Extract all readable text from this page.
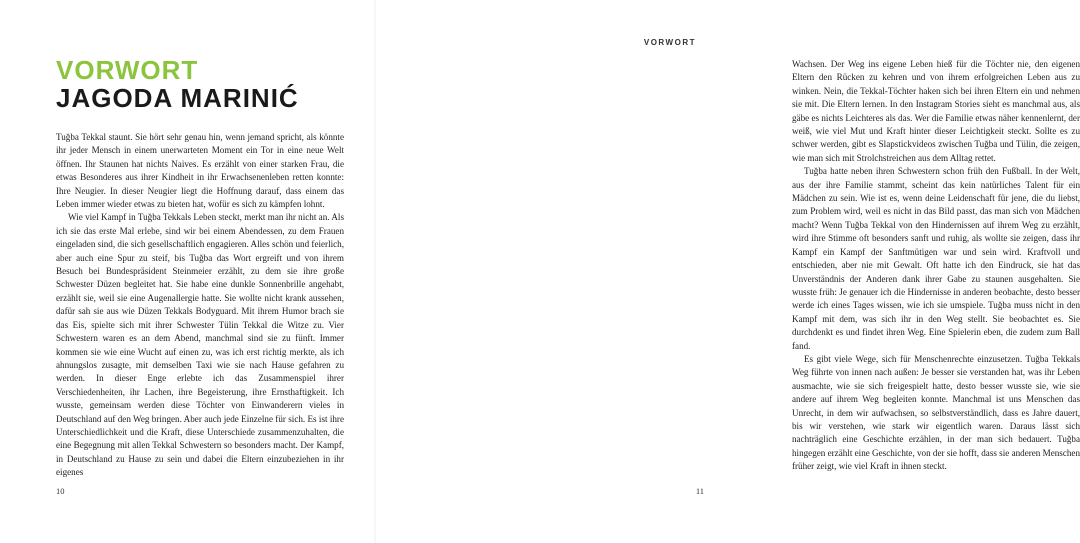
VORWORT
JAGODA MARINIĆ

Tuğba Tekkal staunt. Sie hört sehr genau hin, wenn jemand spricht, als könnte ihr jeder Mensch in einem unerwarteten Moment ein Tor in eine neue Welt öffnen. Ihr Staunen hat nichts Naives. Es erzählt von einer starken Frau, die etwas Besonderes aus ihrer Kindheit in ihr Erwachsenenleben retten konnte: Ihre Neugier. In dieser Neugier liegt die Hoffnung darauf, dass einem das Leben immer wieder etwas zu bieten hat, wofür es sich zu kämpfen lohnt.

Wie viel Kampf in Tuğba Tekkals Leben steckt, merkt man ihr nicht an. Als ich sie das erste Mal erlebe, sind wir bei einem Abendessen, zu dem Frauen eingeladen sind, die sich gesellschaftlich engagieren. Alles schön und feierlich, aber auch eine Spur zu steif, bis Tuğba das Wort ergreift und von ihrem Besuch bei Bundespräsident Steinmeier erzählt, zu dem sie ihre große Schwester Düzen begleitet hat. Sie habe eine dunkle Sonnenbrille angehabt, erzählt sie, weil sie eine Augenallergie hatte. Sie wollte nicht krank aussehen, dafür sah sie aus wie Düzen Tekkals Bodyguard. Mit ihrem Humor brach sie das Eis, spielte sich mit ihrer Schwester Tülin Tekkal die Witze zu. Vier Schwestern waren es an dem Abend, manchmal sind sie zu fünft. Immer kommen sie wie eine Wucht auf einen zu, was ich erst richtig merkte, als ich ahnungslos zusagte, mit demselben Taxi wie sie nach Hause gefahren zu werden. In dieser Enge erlebte ich das Zusammenspiel ihrer Verschiedenheiten, ihr Lachen, ihre Begeisterung, ihre Ernsthaftigkeit. Ich wusste, gemeinsam werden diese Töchter von Einwanderern vieles in Deutschland auf den Weg bringen. Aber auch jede Einzelne für sich. Es ist ihre Unterschiedlichkeit und die Kraft, diese Unterschiede zusammenzuhalten, die eine Begegnung mit allen Tekkal Schwestern so besonders macht. Der Kampf, in Deutschland zu Hause zu sein und dabei die Eltern einzubeziehen in ihr eigenes

10
VORWORT

Wachsen. Der Weg ins eigene Leben hieß für die Töchter nie, den eigenen Eltern den Rücken zu kehren und von ihrem erfolgreichen Leben aus zu winken. Nein, die Tekkal-Töchter haken sich bei ihren Eltern ein und nehmen sie mit. Die Eltern lernen. In den Instagram Stories sieht es manchmal aus, als gäbe es nichts Leichteres als das. Wer die Familie etwas näher kennenlernt, der weiß, wie viel Mut und Kraft hinter dieser Leichtigkeit steckt. Sollte es zu schwer werden, gibt es Slapstickvideos zwischen Tuğba und Tülin, die zeigen, wie man sich mit Strolchstreichen aus dem Alltag rettet.

Tuğba hatte neben ihren Schwestern schon früh den Fußball. In der Welt, aus der ihre Familie stammt, scheint das kein natürliches Talent für ein Mädchen zu sein. Wie ist es, wenn deine Leidenschaft für jene, die du liebst, zum Problem wird, weil es nicht in das Bild passt, das man sich von Mädchen macht? Wenn Tuğba Tekkal von den Hindernissen auf ihrem Weg zu erzählt, wird ihre Stimme oft besonders sanft und ruhig, als wollte sie zeigen, dass ihr Kampf ein Kampf der Sanftmütigen war und sein wird. Kraftvoll und entschieden, aber nie mit Gewalt. Oft hatte ich den Eindruck, sie hat das Unverständnis der Anderen dank ihrer Gabe zu staunen ausgehalten. Sie wusste früh: Je genauer ich die Hindernisse in anderen beobachte, desto besser werde ich eines Tages wissen, wie ich sie umspiele. Tuğba muss nicht in den Kampf mit dem, was sich ihr in den Weg stellt. Sie beobachtet es. Sie durchdenkt es und findet ihren Weg. Eine Spielerin eben, die zudem zum Ball fand.

Es gibt viele Wege, sich für Menschenrechte einzusetzen. Tuğba Tekkals Weg führte von innen nach außen: Je besser sie verstanden hat, was ihr Leben ausmachte, wie sie sich freigespielt hatte, desto besser wusste sie, wie sie andere auf ihrem Weg begleiten konnte. Manchmal ist uns Menschen das Unrecht, in dem wir aufwachsen, so selbstverständlich, dass es Jahre dauert, bis wir verstehen, wie stark wir eigentlich waren. Daraus lässt sich nachträglich eine Geschichte erzählen, in der man sich bedauert. Tuğba hingegen erzählt eine Geschichte, von der sie hofft, dass sie anderen Menschen früher zeigt, wie viel Kraft in ihnen steckt.

11
